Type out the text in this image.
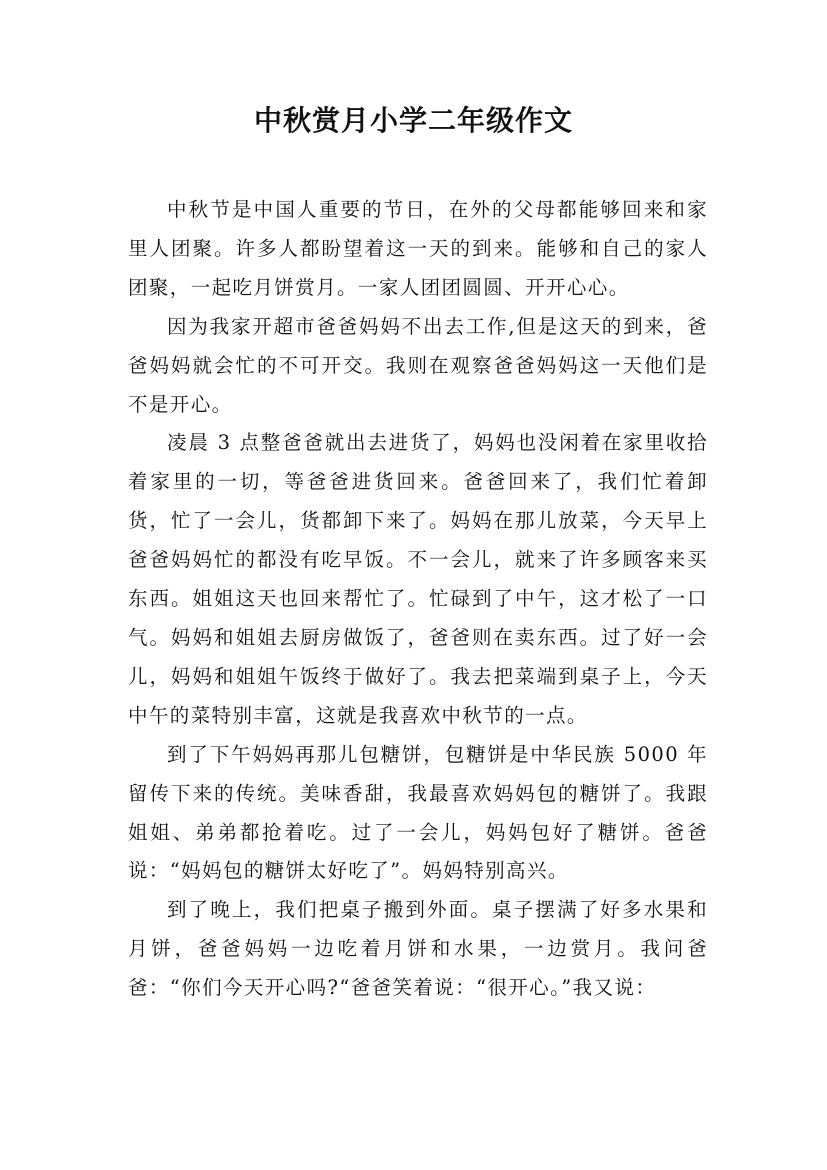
中秋赏月小学二年级作文

中秋节是中国人重要的节日，在外的父母都能够回来和家里人团聚。许多人都盼望着这一天的到来。能够和自己的家人团聚，一起吃月饼赏月。一家人团团圆圆、开开心心。

因为我家开超市爸爸妈妈不出去工作,但是这天的到来，爸爸妈妈就会忙的不可开交。我则在观察爸爸妈妈这一天他们是不是开心。

凌晨 3 点整爸爸就出去进货了，妈妈也没闲着在家里收拾着家里的一切，等爸爸进货回来。爸爸回来了，我们忙着卸货，忙了一会儿，货都卸下来了。妈妈在那儿放菜，今天早上爸爸妈妈忙的都没有吃早饭。不一会儿，就来了许多顾客来买东西。姐姐这天也回来帮忙了。忙碌到了中午，这才松了一口气。妈妈和姐姐去厨房做饭了，爸爸则在卖东西。过了好一会儿，妈妈和姐姐午饭终于做好了。我去把菜端到桌子上，今天中午的菜特别丰富，这就是我喜欢中秋节的一点。

到了下午妈妈再那儿包糖饼，包糖饼是中华民族 5000 年留传下来的传统。美味香甜，我最喜欢妈妈包的糖饼了。我跟姐姐、弟弟都抢着吃。过了一会儿，妈妈包好了糖饼。爸爸说：“妈妈包的糖饼太好吃了”。妈妈特别高兴。

到了晚上，我们把桌子搬到外面。桌子摆满了好多水果和月饼，爸爸妈妈一边吃着月饼和水果，一边赏月。我问爸爸：“你们今天开心吗?“爸爸笑着说：“很开心。”我又说：
